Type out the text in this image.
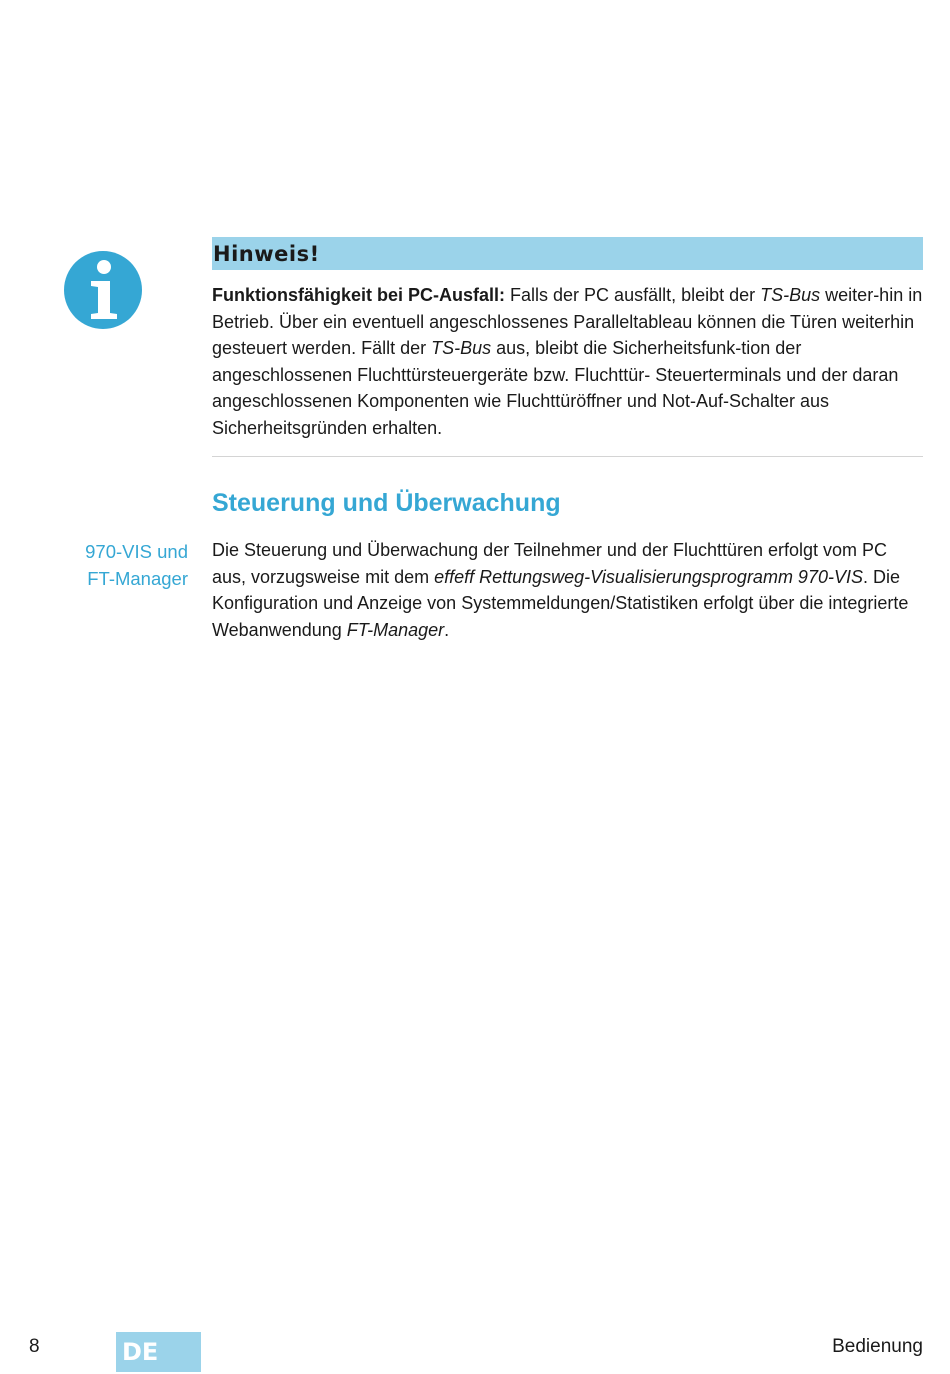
Hinweis!

Funktionsfähigkeit bei PC-Ausfall: Falls der PC ausfällt, bleibt der TS-Bus weiter-hin in Betrieb. Über ein eventuell angeschlossenes Paralleltableau können die Türen weiterhin gesteuert werden. Fällt der TS-Bus aus, bleibt die Sicherheitsfunk-tion der angeschlossenen Fluchttürsteuergeräte bzw. Fluchttür- Steuerterminals und der daran angeschlossenen Komponenten wie Fluchttüröffner und Not-Auf-Schalter aus Sicherheitsgründen erhalten.

Steuerung und Überwachung
970-VIS und
FT-Manager

Die Steuerung und Überwachung der Teilnehmer und der Fluchttüren erfolgt vom PC aus, vorzugsweise mit dem effeff Rettungsweg-Visualisierungsprogramm 970-VIS. Die Konfiguration und Anzeige von Systemmeldungen/Statistiken erfolgt über die integrierte Webanwendung FT-Manager.

8	DE	Bedienung
